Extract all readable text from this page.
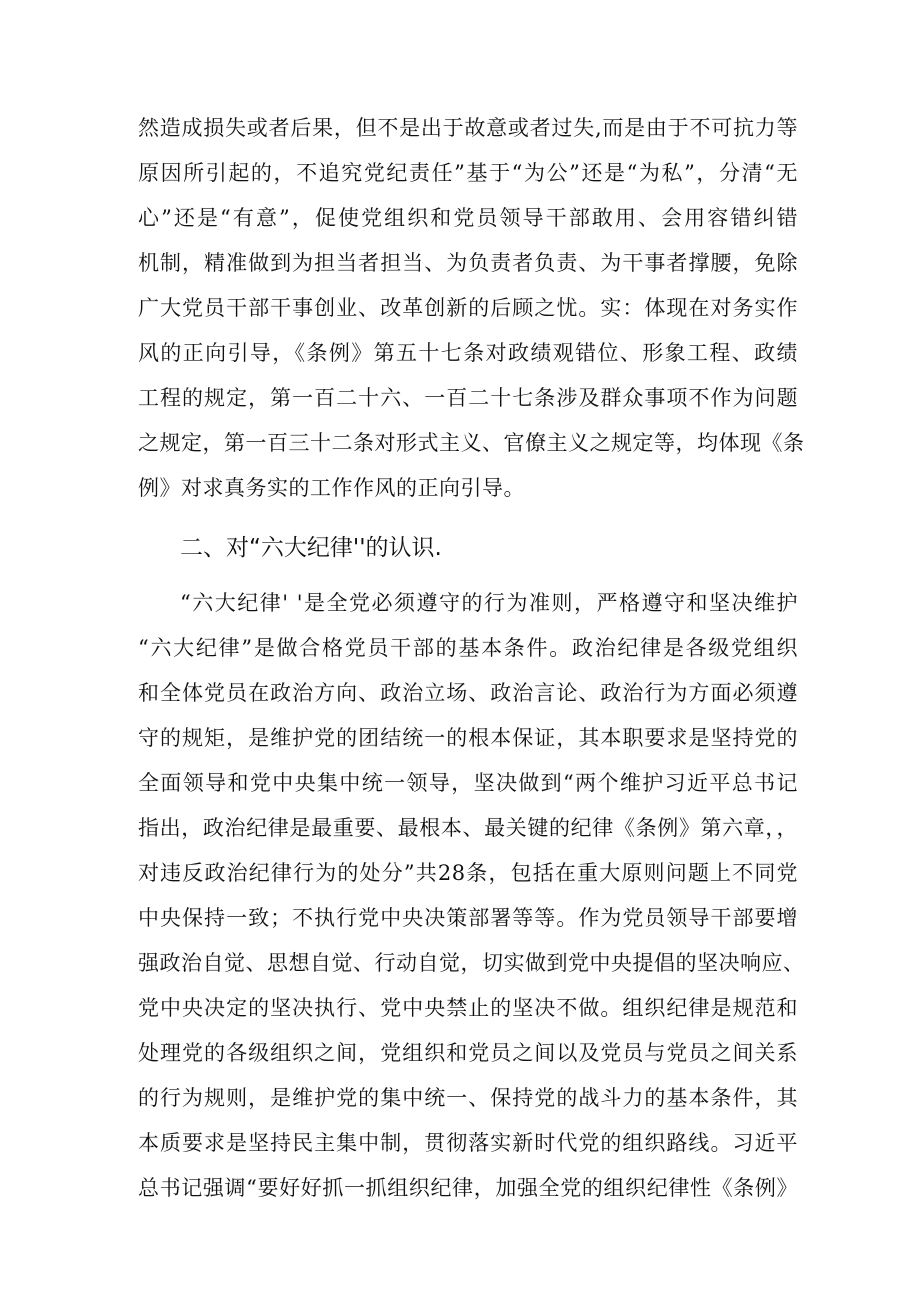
然造成损失或者后果，但不是出于故意或者过失,而是由于不可抗力等
原因所引起的，不追究党纪责任”基于“为公”还是“为私”，分清“无
心”还是“有意”，促使党组织和党员领导干部敢用、会用容错纠错
机制，精准做到为担当者担当、为负责者负责、为干事者撑腰，免除
广大党员干部干事创业、改革创新的后顾之忧。实：体现在对务实作
风的正向引导，《条例》第五十七条对政绩观错位、形象工程、政绩
工程的规定，第一百二十六、一百二十七条涉及群众事项不作为问题
之规定，第一百三十二条对形式主义、官僚主义之规定等，均体现《条
例》对求真务实的工作作风的正向引导。
二、对“六大纪律''的认识.
“六大纪律' '是全党必须遵守的行为准则，严格遵守和坚决维护
“六大纪律”是做合格党员干部的基本条件。政治纪律是各级党组织
和全体党员在政治方向、政治立场、政治言论、政治行为方面必须遵
守的规矩，是维护党的团结统一的根本保证，其本职要求是坚持党的
全面领导和党中央集中统一领导，坚决做到“两个维护习近平总书记
指出，政治纪律是最重要、最根本、最关键的纪律《条例》第六章，，
对违反政治纪律行为的处分”共28条，包括在重大原则问题上不同党
中央保持一致；不执行党中央决策部署等等。作为党员领导干部要增
强政治自觉、思想自觉、行动自觉，切实做到党中央提倡的坚决响应、
党中央决定的坚决执行、党中央禁止的坚决不做。组织纪律是规范和
处理党的各级组织之间，党组织和党员之间以及党员与党员之间关系
的行为规则，是维护党的集中统一、保持党的战斗力的基本条件，其
本质要求是坚持民主集中制，贯彻落实新时代党的组织路线。习近平
总书记强调“要好好抓一抓组织纪律，加强全党的组织纪律性《条例》
